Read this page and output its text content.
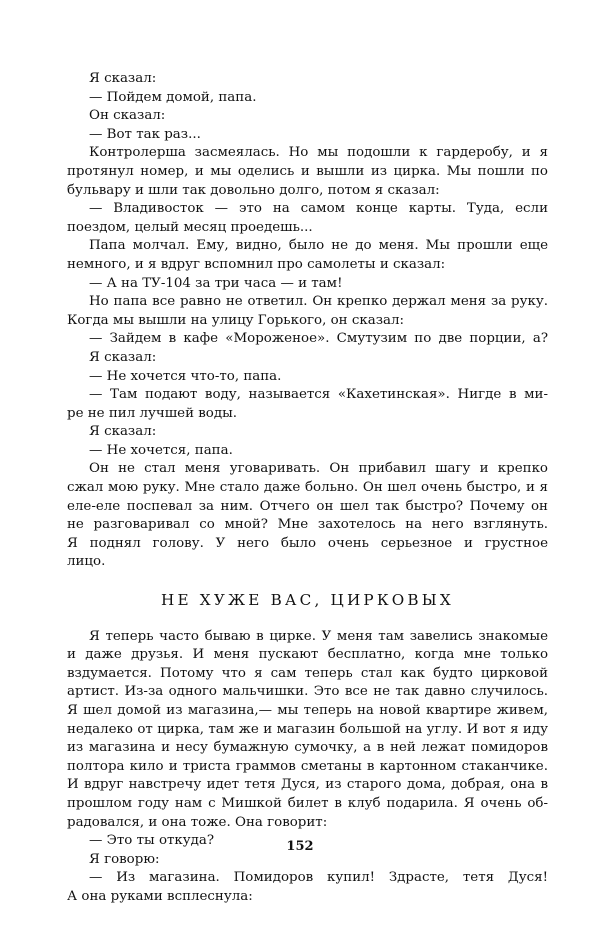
Я сказал:
— Пойдем домой, папа.
Он сказал:
— Вот так раз...
Контролерша засмеялась. Но мы подошли к гардеробу, и я
протянул номер, и мы оделись и вышли из цирка. Мы пошли по
бульвару и шли так довольно долго, потом я сказал:
— Владивосток — это на самом конце карты. Туда, если
поездом, целый месяц проедешь...
Папа молчал. Ему, видно, было не до меня. Мы прошли еще
немного, и я вдруг вспомнил про самолеты и сказал:
— А на ТУ-104 за три часа — и там!
Но папа все равно не ответил. Он крепко держал меня за руку.
Когда мы вышли на улицу Горького, он сказал:
— Зайдем в кафе «Мороженое». Смутузим по две порции, а?
Я сказал:
— Не хочется что-то, папа.
— Там подают воду, называется «Кахетинская». Нигде в ми-
ре не пил лучшей воды.
Я сказал:
— Не хочется, папа.
Он не стал меня уговаривать. Он прибавил шагу и крепко
сжал мою руку. Мне стало даже больно. Он шел очень быстро, и я
еле-еле поспевал за ним. Отчего он шел так быстро? Почему он
не разговаривал со мной? Мне захотелось на него взглянуть.
Я поднял голову. У него было очень серьезное и грустное
лицо.
НЕ ХУЖЕ ВАС, ЦИРКОВЫХ
Я теперь часто бываю в цирке. У меня там завелись знакомые
и даже друзья. И меня пускают бесплатно, когда мне только
вздумается. Потому что я сам теперь стал как будто цирковой
артист. Из-за одного мальчишки. Это все не так давно случилось.
Я шел домой из магазина,— мы теперь на новой квартире живем,
недалеко от цирка, там же и магазин большой на углу. И вот я иду
из магазина и несу бумажную сумочку, а в ней лежат помидоров
полтора кило и триста граммов сметаны в картонном стаканчике.
И вдруг навстречу идет тетя Дуся, из старого дома, добрая, она в
прошлом году нам с Мишкой билет в клуб подарила. Я очень об-
радовался, и она тоже. Она говорит:
— Это ты откуда?
Я говорю:
— Из магазина. Помидоров купил! Здрасте, тетя Дуся!
А она руками всплеснула:
152
